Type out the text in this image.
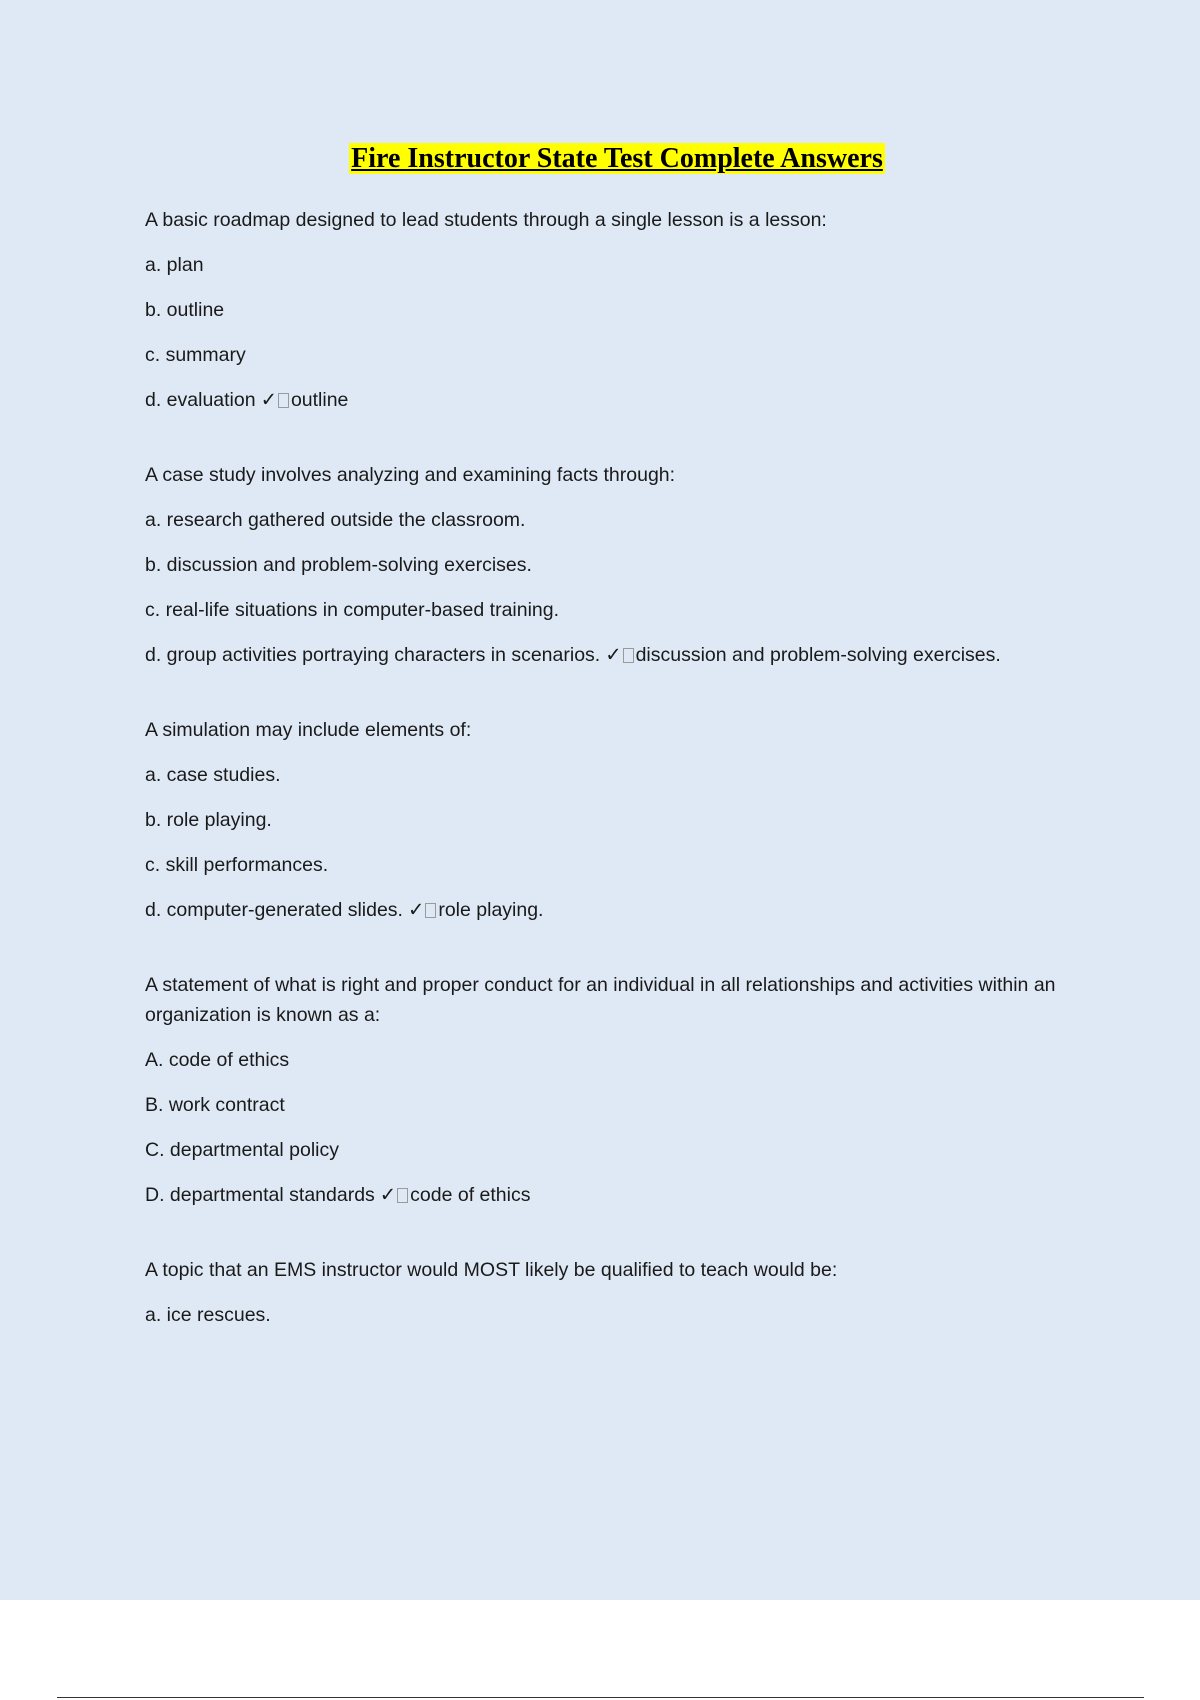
Fire Instructor State Test Complete Answers
A basic roadmap designed to lead students through a single lesson is a lesson:
a. plan
b. outline
c. summary
d. evaluation ✓ outline
A case study involves analyzing and examining facts through:
a. research gathered outside the classroom.
b. discussion and problem-solving exercises.
c. real-life situations in computer-based training.
d. group activities portraying characters in scenarios. ✓ discussion and problem-solving exercises.
A simulation may include elements of:
a. case studies.
b. role playing.
c. skill performances.
d. computer-generated slides. ✓ role playing.
A statement of what is right and proper conduct for an individual in all relationships and activities within an organization is known as a:
A. code of ethics
B. work contract
C. departmental policy
D. departmental standards ✓ code of ethics
A topic that an EMS instructor would MOST likely be qualified to teach would be:
a. ice rescues.
